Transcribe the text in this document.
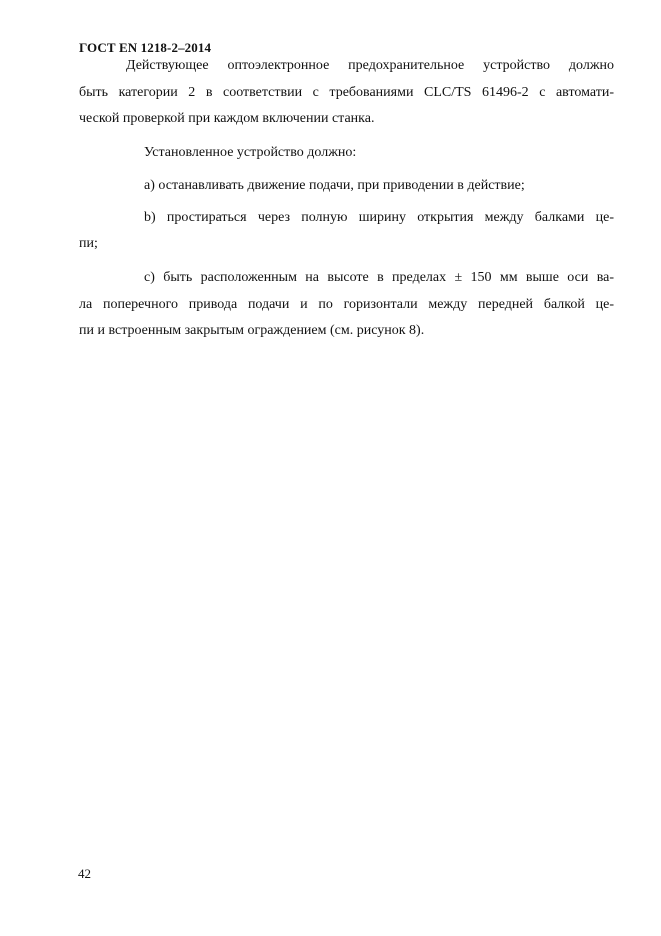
ГОСТ EN 1218-2–2014
Действующее оптоэлектронное предохранительное устройство должно
быть категории 2 в соответствии с требованиями CLC/TS 61496-2 с автомати-
ческой проверкой при каждом включении станка.
Установленное устройство должно:
а) останавливать движение подачи, при приводении в действие;
b) простираться через полную ширину открытия между балками це-
пи;
с) быть расположенным на высоте в пределах ± 150 мм выше оси ва-
ла поперечного привода подачи и по горизонтали между передней балкой це-
пи и встроенным закрытым ограждением (см. рисунок 8).
42
